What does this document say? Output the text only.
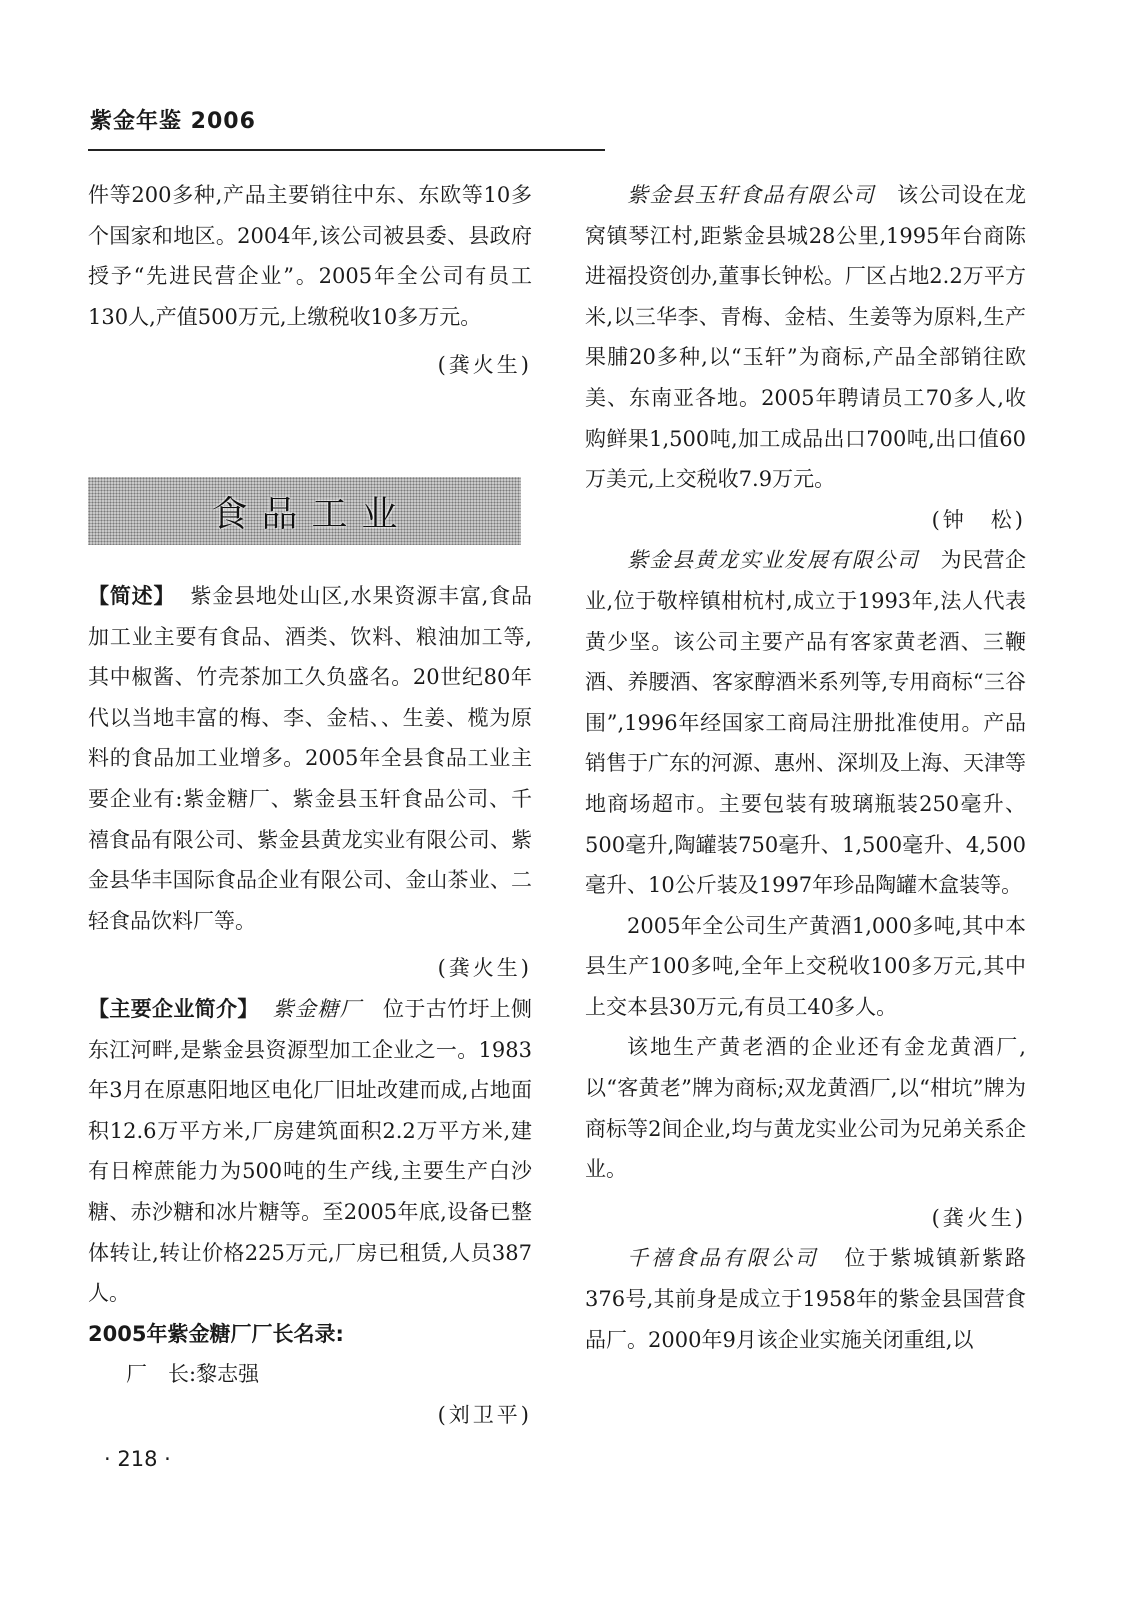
紫金年鉴 2006

件等200多种,产品主要销往中东、东欧等10多个国家和地区。2004年,该公司被县委、县政府授予“先进民营企业”。2005年全公司有员工130人,产值500万元,上缴税收10多万元。

(龚火生)

食品工业

【简述】 紫金县地处山区,水果资源丰富,食品加工业主要有食品、酒类、饮料、粮油加工等,其中椒酱、竹壳茶加工久负盛名。20世纪80年代以当地丰富的梅、李、金桔、、生姜、榄为原料的食品加工业增多。2005年全县食品工业主要企业有:紫金糖厂、紫金县玉轩食品公司、千禧食品有限公司、紫金县黄龙实业有限公司、紫金县华丰国际食品企业有限公司、金山茶业、二轻食品饮料厂等。

(龚火生)

【主要企业简介】 紫金糖厂 位于古竹圩上侧东江河畔,是紫金县资源型加工企业之一。1983年3月在原惠阳地区电化厂旧址改建而成,占地面积12.6万平方米,厂房建筑面积2.2万平方米,建有日榨蔗能力为500吨的生产线,主要生产白沙糖、赤沙糖和冰片糖等。至2005年底,设备已整体转让,转让价格225万元,厂房已租赁,人员387人。

2005年紫金糖厂厂长名录:

厂　长:黎志强

(刘卫平)

紫金县玉轩食品有限公司 该公司设在龙窝镇琴江村,距紫金县城28公里,1995年台商陈进福投资创办,董事长钟松。厂区占地2.2万平方米,以三华李、青梅、金桔、生姜等为原料,生产果脯20多种,以“玉轩”为商标,产品全部销往欧美、东南亚各地。2005年聘请员工70多人,收购鲜果1,500吨,加工成品出口700吨,出口值60万美元,上交税收7.9万元。

(钟　松)

紫金县黄龙实业发展有限公司 为民营企业,位于敬梓镇柑杭村,成立于1993年,法人代表黄少坚。该公司主要产品有客家黄老酒、三鞭酒、养腰酒、客家醇酒米系列等,专用商标“三谷围”,1996年经国家工商局注册批准使用。产品销售于广东的河源、惠州、深圳及上海、天津等地商场超市。主要包装有玻璃瓶装250毫升、500毫升,陶罐装750毫升、1,500毫升、4,500毫升、10公斤装及1997年珍品陶罐木盒装等。

2005年全公司生产黄酒1,000多吨,其中本县生产100多吨,全年上交税收100多万元,其中上交本县30万元,有员工40多人。

该地生产黄老酒的企业还有金龙黄酒厂,以“客黄老”牌为商标;双龙黄酒厂,以“柑坑”牌为商标等2间企业,均与黄龙实业公司为兄弟关系企业。

(龚火生)

千禧食品有限公司 位于紫城镇新紫路376号,其前身是成立于1958年的紫金县国营食品厂。2000年9月该企业实施关闭重组,以

· 218 ·
